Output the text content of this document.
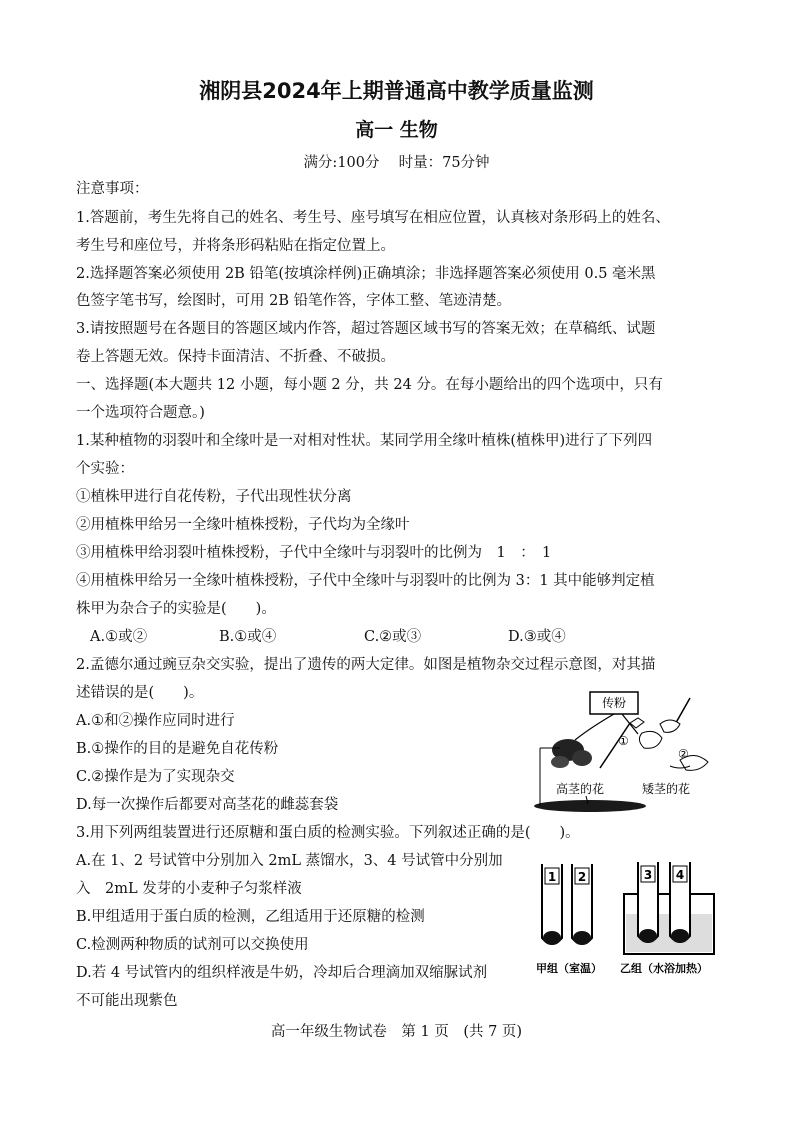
湘阴县2024年上期普通高中教学质量监测
高一 生物
满分:100分　 时量：75分钟
注意事项：
1.答题前，考生先将自己的姓名、考生号、座号填写在相应位置，认真核对条形码上的姓名、
考生号和座位号，并将条形码粘贴在指定位置上。
2.选择题答案必须使用 2B 铅笔(按填涂样例)正确填涂；非选择题答案必须使用 0.5 毫米黑
色签字笔书写，绘图时，可用 2B 铅笔作答，字体工整、笔迹清楚。
3.请按照题号在各题目的答题区域内作答，超过答题区域书写的答案无效；在草稿纸、试题
卷上答题无效。保持卡面清洁、不折叠、不破损。
一、选择题(本大题共 12 小题，每小题 2 分，共 24 分。在每小题给出的四个选项中，只有
一个选项符合题意。)
1.某种植物的羽裂叶和全缘叶是一对相对性状。某同学用全缘叶植株(植株甲)进行了下列四
个实验：
①植株甲进行自花传粉，子代出现性状分离
②用植株甲给另一全缘叶植株授粉，子代均为全缘叶
③用植株甲给羽裂叶植株授粉，子代中全缘叶与羽裂叶的比例为　1　：　1
④用植株甲给另一全缘叶植株授粉，子代中全缘叶与羽裂叶的比例为 3：1 其中能够判定植
株甲为杂合子的实验是(　　)。
A.①或②	B.①或④	C.②或③	D.③或④
2.孟德尔通过豌豆杂交实验，提出了遗传的两大定律。如图是植物杂交过程示意图，对其描
述错误的是(　　)。
A.①和②操作应同时进行
B.①操作的目的是避免自花传粉
C.②操作是为了实现杂交
D.每一次操作后都要对高茎花的雌蕊套袋
传粉
①
②
高茎的花	矮茎的花
3.用下列两组装置进行还原糖和蛋白质的检测实验。下列叙述正确的是(　　)。
A.在 1、2 号试管中分别加入 2mL 蒸馏水，3、4 号试管中分别加
入　2mL 发芽的小麦种子匀浆样液
B.甲组适用于蛋白质的检测，乙组适用于还原糖的检测
C.检测两种物质的试剂可以交换使用
D.若 4 号试管内的组织样液是牛奶，冷却后合理滴加双缩脲试剂
不可能出现紫色
1 2	3 4
甲组（室温） 乙组（水浴加热）
高一年级生物试卷　第 1 页　(共 7 页)
